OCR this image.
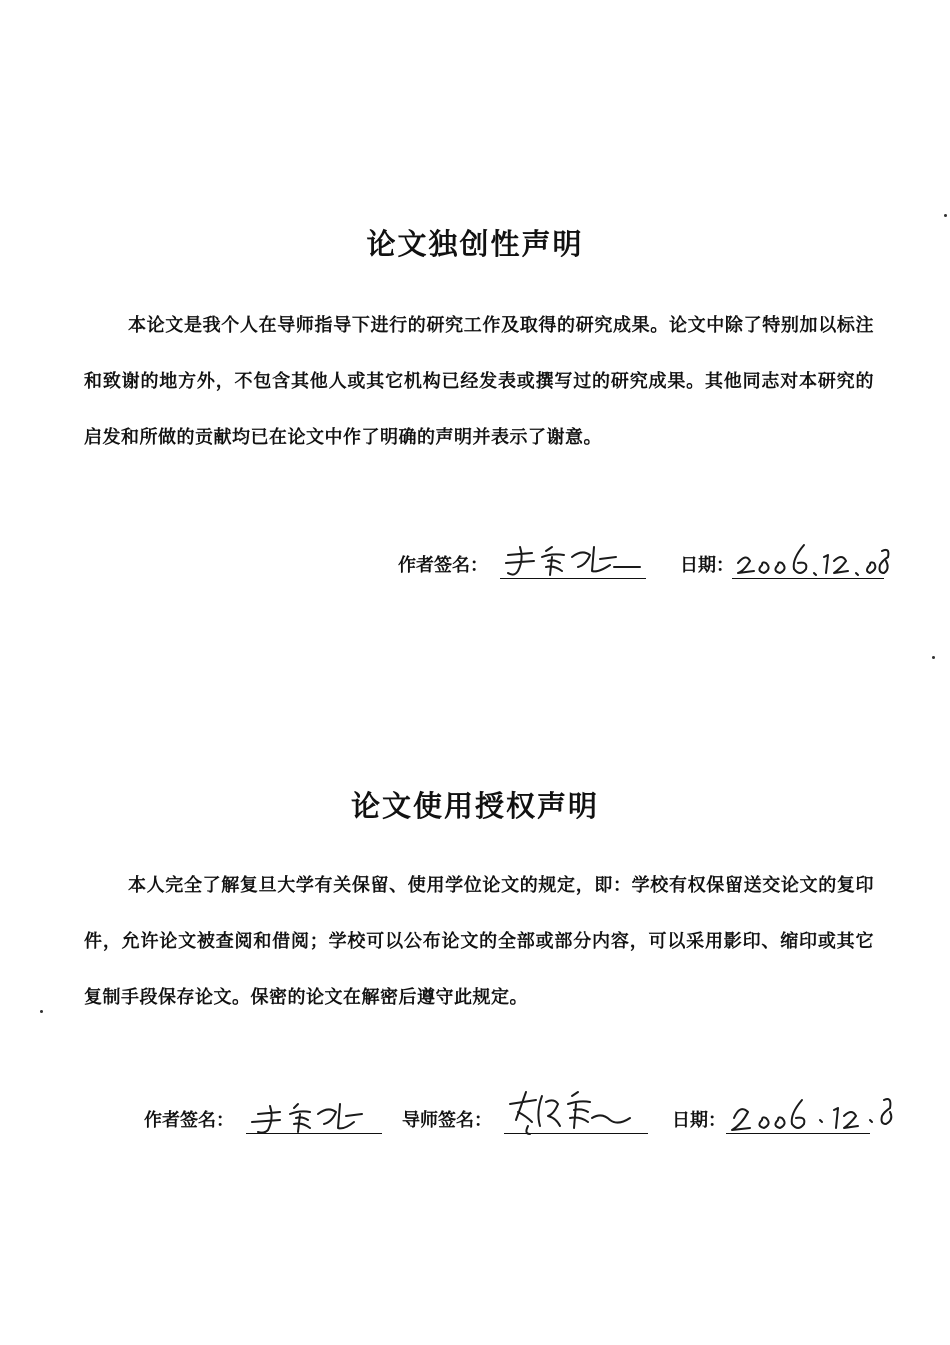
论文独创性声明

本论文是我个人在导师指导下进行的研究工作及取得的研究成果。论文中除了特别加以标注和致谢的地方外，不包含其他人或其它机构已经发表或撰写过的研究成果。其他同志对本研究的启发和所做的贡献均已在论文中作了明确的声明并表示了谢意。

作者签名：	日期：
论文使用授权声明

本人完全了解复旦大学有关保留、使用学位论文的规定，即：学校有权保留送交论文的复印件，允许论文被查阅和借阅；学校可以公布论文的全部或部分内容，可以采用影印、缩印或其它复制手段保存论文。保密的论文在解密后遵守此规定。

作者签名：	导师签名：	日期：
